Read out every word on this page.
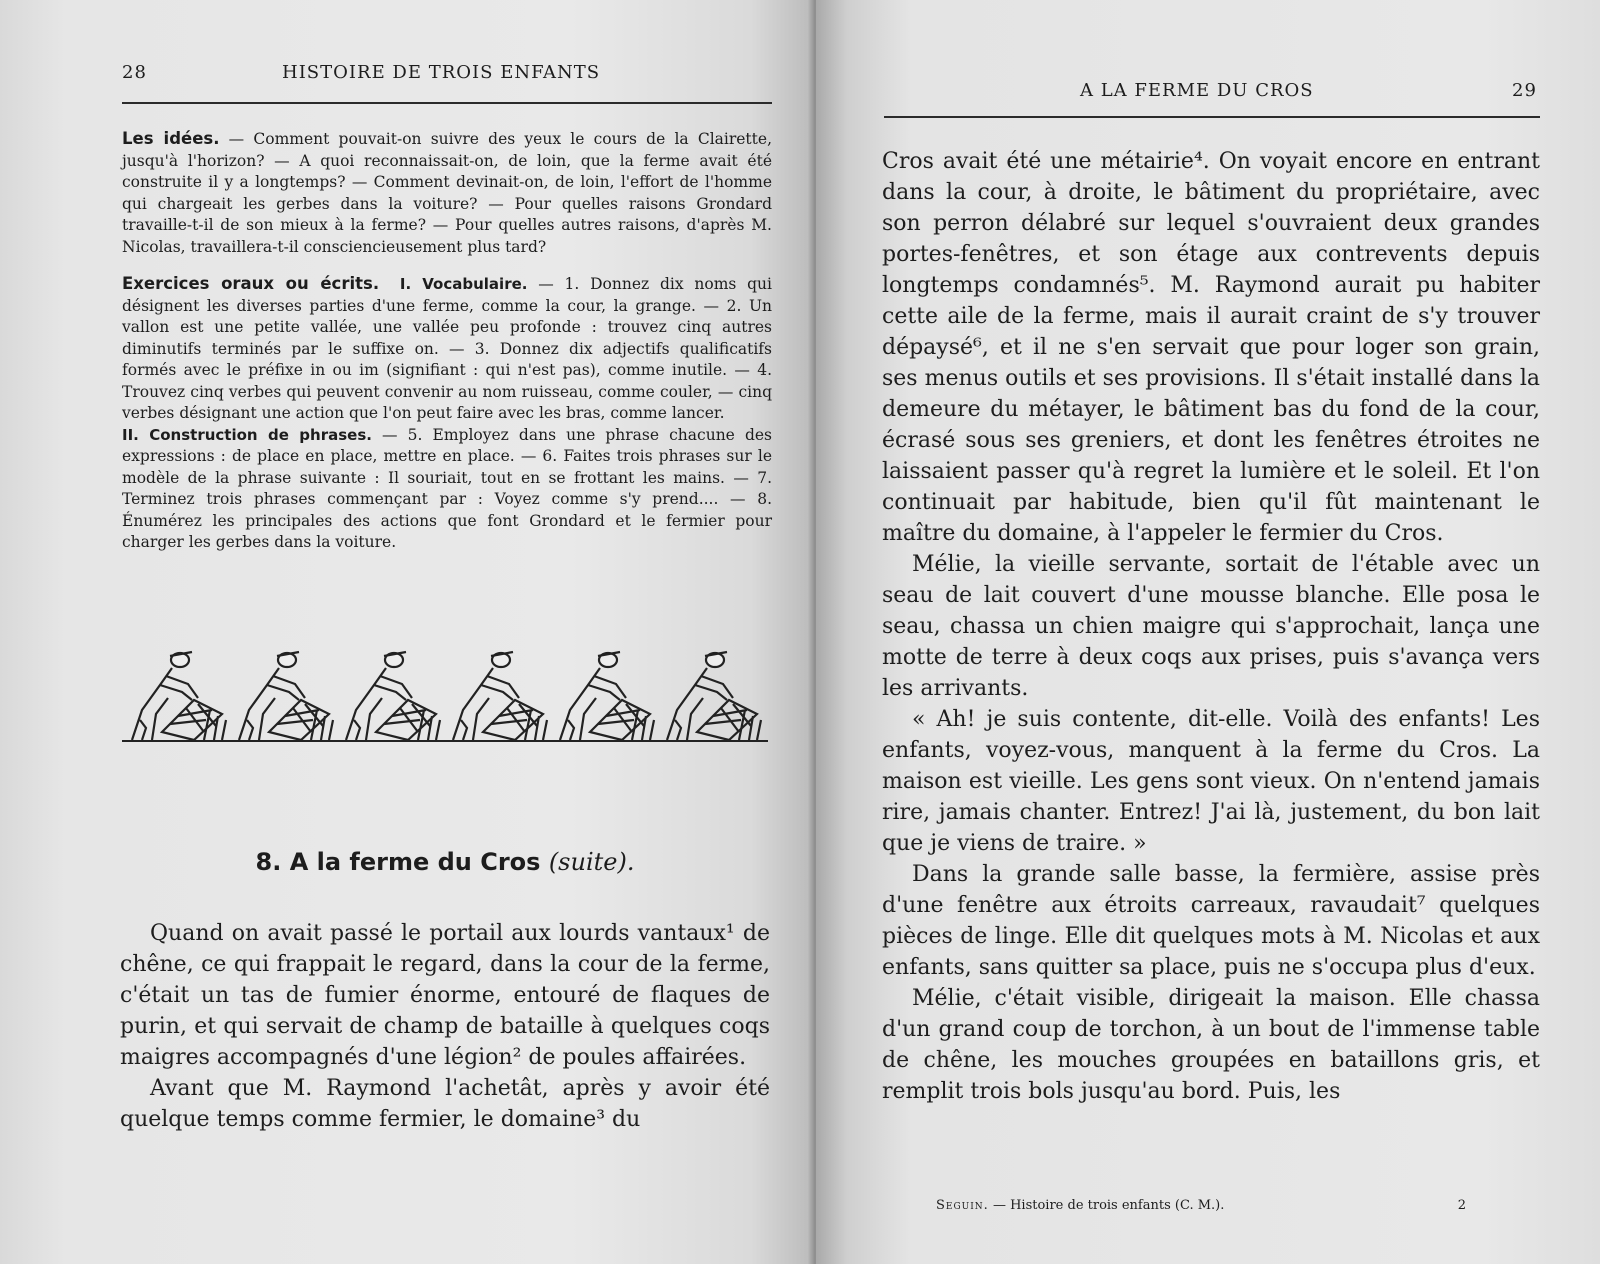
28	HISTOIRE DE TROIS ENFANTS

Les idées. — Comment pouvait-on suivre des yeux le cours de la Clairette, jusqu'à l'horizon? — A quoi reconnaissait-on, de loin, que la ferme avait été construite il y a longtemps? — Comment devinait-on, de loin, l'effort de l'homme qui chargeait les gerbes dans la voiture? — Pour quelles raisons Grondard travaille-t-il de son mieux à la ferme? — Pour quelles autres raisons, d'après M. Nicolas, travaillera-t-il consciencieusement plus tard?

Exercices oraux ou écrits. I. Vocabulaire. — 1. Donnez dix noms qui désignent les diverses parties d'une ferme, comme la cour, la grange. — 2. Un vallon est une petite vallée, une vallée peu profonde : trouvez cinq autres diminutifs terminés par le suffixe on. — 3. Donnez dix adjectifs qualificatifs formés avec le préfixe in ou im (signifiant : qui n'est pas), comme inutile. — 4. Trouvez cinq verbes qui peuvent convenir au nom ruisseau, comme couler, — cinq verbes désignant une action que l'on peut faire avec les bras, comme lancer.

II. Construction de phrases. — 5. Employez dans une phrase chacune des expressions : de place en place, mettre en place. — 6. Faites trois phrases sur le modèle de la phrase suivante : Il souriait, tout en se frottant les mains. — 7. Terminez trois phrases commençant par : Voyez comme s'y prend.... — 8. Énumérez les principales des actions que font Grondard et le fermier pour charger les gerbes dans la voiture.

8. A la ferme du Cros (suite).

Quand on avait passé le portail aux lourds vantaux¹ de chêne, ce qui frappait le regard, dans la cour de la ferme, c'était un tas de fumier énorme, entouré de flaques de purin, et qui servait de champ de bataille à quelques coqs maigres accompagnés d'une légion² de poules affairées.

Avant que M. Raymond l'achetât, après y avoir été quelque temps comme fermier, le domaine³ du

A LA FERME DU CROS	29

Cros avait été une métairie⁴. On voyait encore en entrant dans la cour, à droite, le bâtiment du propriétaire, avec son perron délabré sur lequel s'ouvraient deux grandes portes-fenêtres, et son étage aux contrevents depuis longtemps condamnés⁵. M. Raymond aurait pu habiter cette aile de la ferme, mais il aurait craint de s'y trouver dépaysé⁶, et il ne s'en servait que pour loger son grain, ses menus outils et ses provisions. Il s'était installé dans la demeure du métayer, le bâtiment bas du fond de la cour, écrasé sous ses greniers, et dont les fenêtres étroites ne laissaient passer qu'à regret la lumière et le soleil. Et l'on continuait par habitude, bien qu'il fût maintenant le maître du domaine, à l'appeler le fermier du Cros.

Mélie, la vieille servante, sortait de l'étable avec un seau de lait couvert d'une mousse blanche. Elle posa le seau, chassa un chien maigre qui s'approchait, lança une motte de terre à deux coqs aux prises, puis s'avança vers les arrivants.

« Ah! je suis contente, dit-elle. Voilà des enfants! Les enfants, voyez-vous, manquent à la ferme du Cros. La maison est vieille. Les gens sont vieux. On n'entend jamais rire, jamais chanter. Entrez! J'ai là, justement, du bon lait que je viens de traire. »

Dans la grande salle basse, la fermière, assise près d'une fenêtre aux étroits carreaux, ravaudait⁷ quelques pièces de linge. Elle dit quelques mots à M. Nicolas et aux enfants, sans quitter sa place, puis ne s'occupa plus d'eux.

Mélie, c'était visible, dirigeait la maison. Elle chassa d'un grand coup de torchon, à un bout de l'immense table de chêne, les mouches groupées en bataillons gris, et remplit trois bols jusqu'au bord. Puis, les

Seguin. — Histoire de trois enfants (C. M.).	2
